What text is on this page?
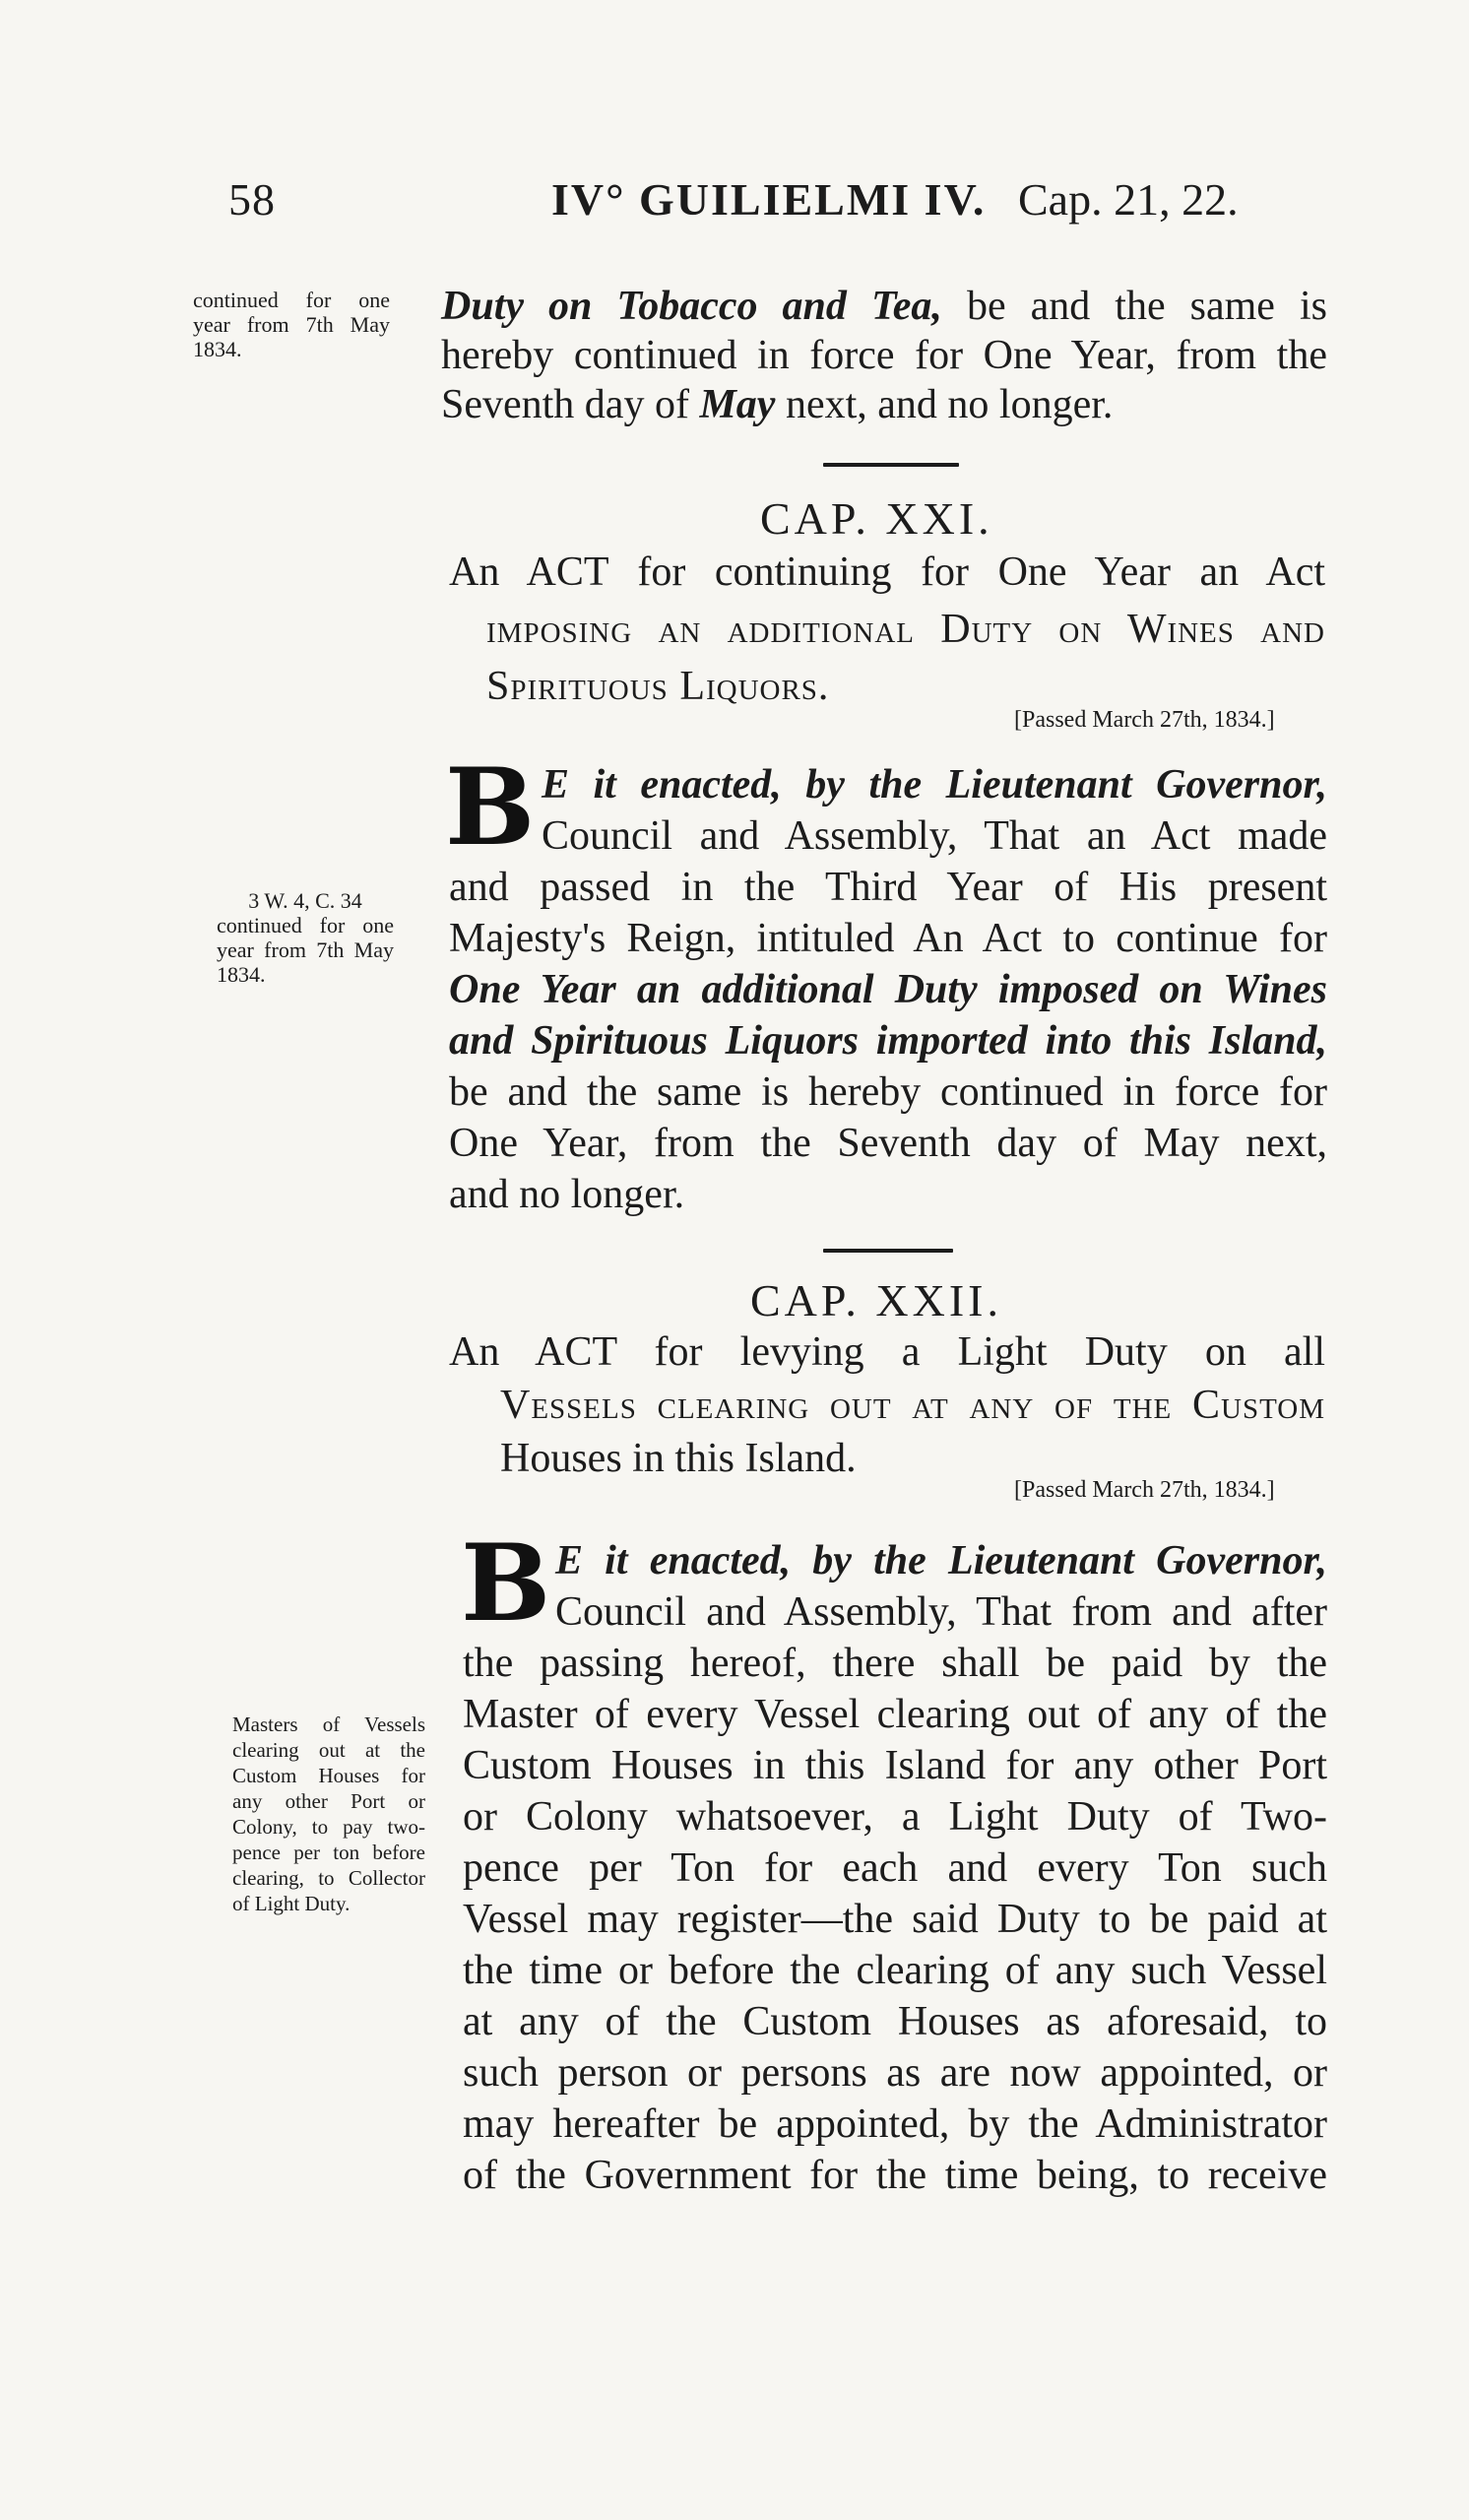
58	IV° GUILIELMI IV. Cap. 21, 22.
continued for one
year from 7th May
1834.
Duty on Tobacco and Tea, be and the same is
hereby continued in force for One Year, from the
Seventh day of May next, and no longer.
CAP. XXI.
An ACT for continuing for One Year an Act
imposing an additional Duty on Wines and
Spirituous Liquors.
[Passed March 27th, 1834.]
B E it enacted, by the Lieutenant Governor,
Council and Assembly, That an Act made
and passed in the Third Year of His present
Majesty's Reign, intituled An Act to continue for
One Year an additional Duty imposed on Wines
and Spirituous Liquors imported into this Island,
be and the same is hereby continued in force for
One Year, from the Seventh day of May next,
and no longer.
3 W. 4, C. 34
continued for one
year from 7th May
1834.
CAP. XXII.
An ACT for levying a Light Duty on all
Vessels clearing out at any of the Custom
Houses in this Island.
[Passed March 27th, 1834.]
B E it enacted, by the Lieutenant Governor,
Council and Assembly, That from and after
the passing hereof, there shall be paid by the
Master of every Vessel clearing out of any of the
Custom Houses in this Island for any other Port
or Colony whatsoever, a Light Duty of Two-
pence per Ton for each and every Ton such
Vessel may register—the said Duty to be paid at
the time or before the clearing of any such Vessel
at any of the Custom Houses as aforesaid, to
such person or persons as are now appointed, or
may hereafter be appointed, by the Administrator
of the Government for the time being, to receive
Masters of Vessels
clearing out at the
Custom Houses for
any other Port or
Colony, to pay two-
pence per ton before
clearing, to Collector
of Light Duty.
